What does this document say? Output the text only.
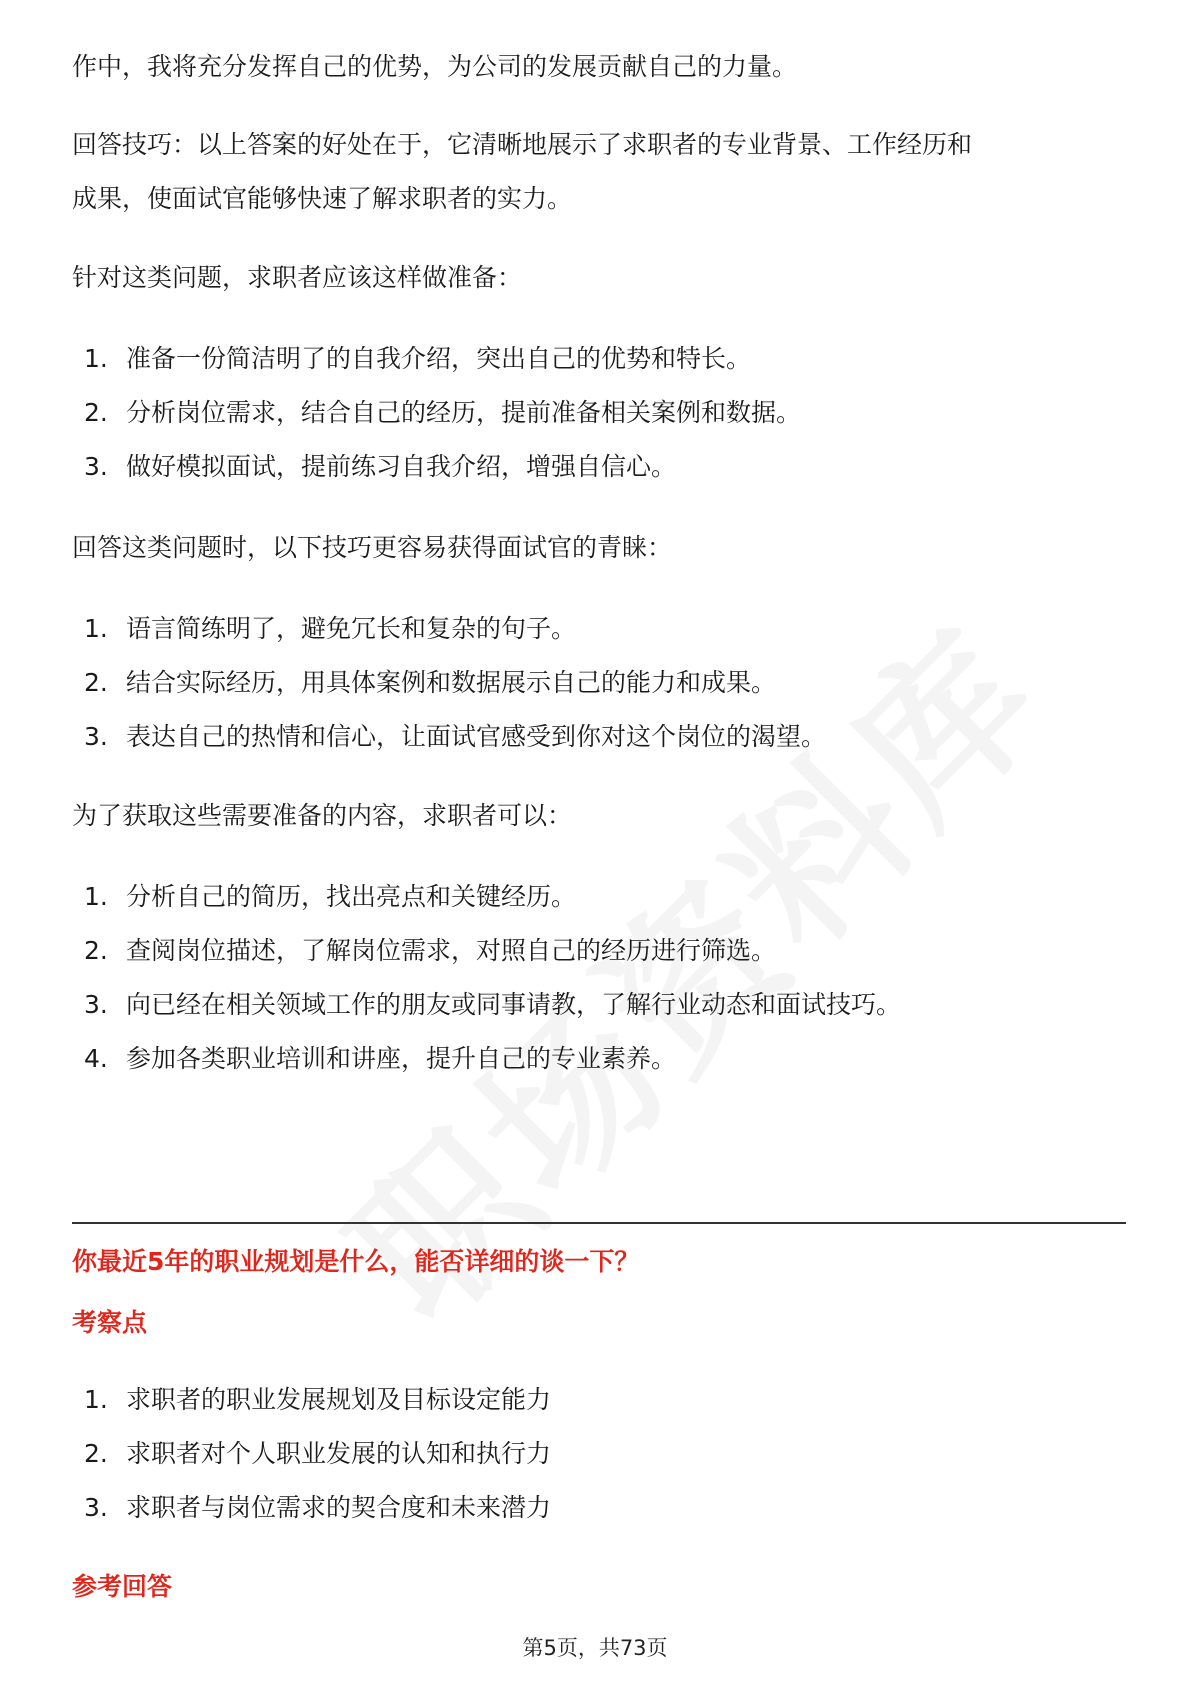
作中，我将充分发挥自己的优势，为公司的发展贡献自己的力量。

回答技巧：以上答案的好处在于，它清晰地展示了求职者的专业背景、工作经历和

成果，使面试官能够快速了解求职者的实力。

针对这类问题，求职者应该这样做准备：

1. 准备一份简洁明了的自我介绍，突出自己的优势和特长。
2. 分析岗位需求，结合自己的经历，提前准备相关案例和数据。
3. 做好模拟面试，提前练习自我介绍，增强自信心。

回答这类问题时，以下技巧更容易获得面试官的青睐：

1. 语言简练明了，避免冗长和复杂的句子。
2. 结合实际经历，用具体案例和数据展示自己的能力和成果。
3. 表达自己的热情和信心，让面试官感受到你对这个岗位的渴望。

为了获取这些需要准备的内容，求职者可以：

1. 分析自己的简历，找出亮点和关键经历。
2. 查阅岗位描述，了解岗位需求，对照自己的经历进行筛选。
3. 向已经在相关领域工作的朋友或同事请教，了解行业动态和面试技巧。
4. 参加各类职业培训和讲座，提升自己的专业素养。
你最近5年的职业规划是什么，能否详细的谈一下？
考察点
1. 求职者的职业发展规划及目标设定能力
2. 求职者对个人职业发展的认知和执行力
3. 求职者与岗位需求的契合度和未来潜力
参考回答
第5页，共73页
